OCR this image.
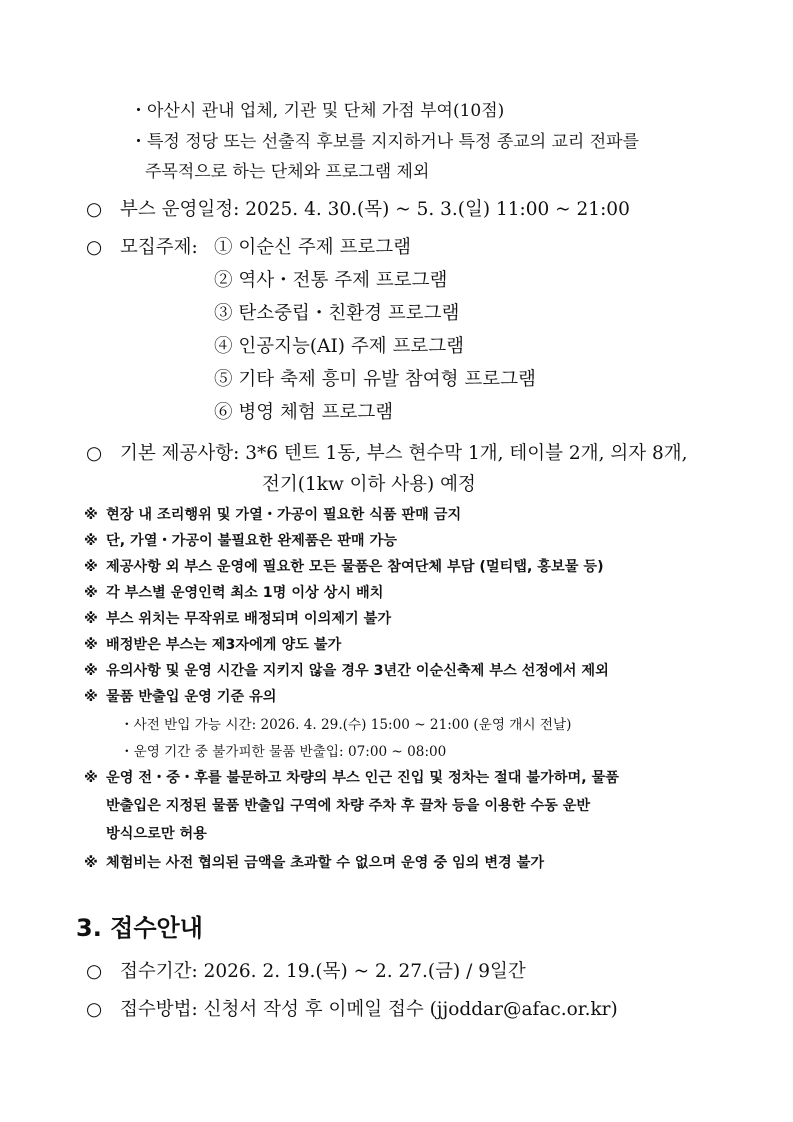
・아산시 관내 업체, 기관 및 단체 가점 부여(10점)
・특정 정당 또는 선출직 후보를 지지하거나 특정 종교의 교리 전파를
주목적으로 하는 단체와 프로그램 제외
○ 부스 운영일정: 2025. 4. 30.(목) ~ 5. 3.(일) 11:00 ~ 21:00
○ 모집주제: ① 이순신 주제 프로그램
② 역사・전통 주제 프로그램
③ 탄소중립・친환경 프로그램
④ 인공지능(AI) 주제 프로그램
⑤ 기타 축제 흥미 유발 참여형 프로그램
⑥ 병영 체험 프로그램
○ 기본 제공사항: 3*6 텐트 1동, 부스 현수막 1개, 테이블 2개, 의자 8개,
전기(1kw 이하 사용) 예정
※ 현장 내 조리행위 및 가열・가공이 필요한 식품 판매 금지
※ 단, 가열・가공이 불필요한 완제품은 판매 가능
※ 제공사항 외 부스 운영에 필요한 모든 물품은 참여단체 부담 (멀티탭, 홍보물 등)
※ 각 부스별 운영인력 최소 1명 이상 상시 배치
※ 부스 위치는 무작위로 배정되며 이의제기 불가
※ 배정받은 부스는 제3자에게 양도 불가
※ 유의사항 및 운영 시간을 지키지 않을 경우 3년간 이순신축제 부스 선정에서 제외
※ 물품 반출입 운영 기준 유의
・사전 반입 가능 시간: 2026. 4. 29.(수) 15:00 ~ 21:00 (운영 개시 전날)
・운영 기간 중 불가피한 물품 반출입: 07:00 ~ 08:00
※ 운영 전・중・후를 불문하고 차량의 부스 인근 진입 및 정차는 절대 불가하며, 물품
반출입은 지정된 물품 반출입 구역에 차량 주차 후 끌차 등을 이용한 수동 운반
방식으로만 허용
※ 체험비는 사전 협의된 금액을 초과할 수 없으며 운영 중 임의 변경 불가
3. 접수안내
○ 접수기간: 2026. 2. 19.(목) ~ 2. 27.(금) / 9일간
○ 접수방법: 신청서 작성 후 이메일 접수 (jjoddar@afac.or.kr)
